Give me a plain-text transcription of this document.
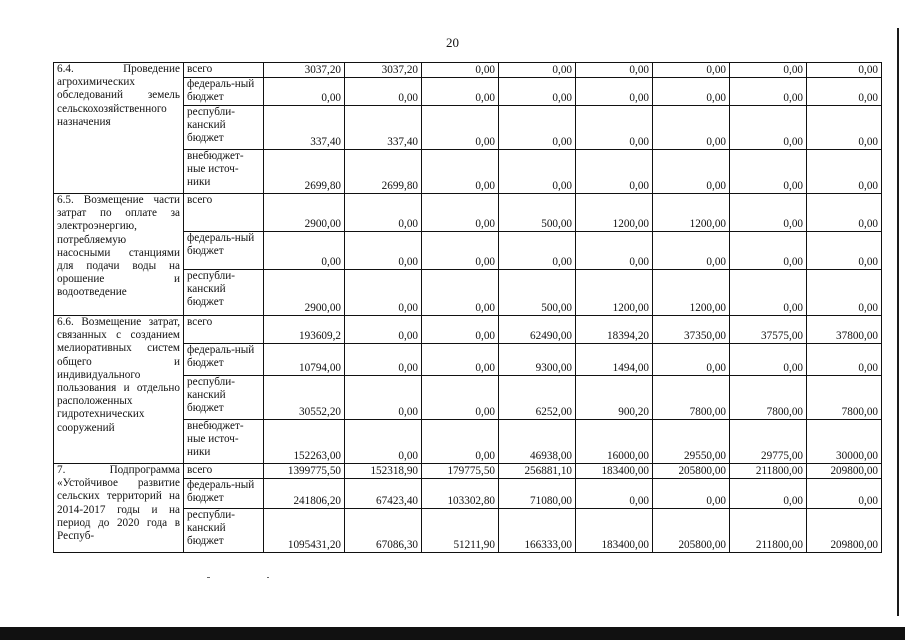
20
6.4. Проведение агрохимических обследований земель сельскохозяйственного назначения	всего	3037,20	3037,20	0,00	0,00	0,00	0,00	0,00	0,00
	федераль-ный бюджет	0,00	0,00	0,00	0,00	0,00	0,00	0,00	0,00
	республи-канский бюджет	337,40	337,40	0,00	0,00	0,00	0,00	0,00	0,00
	внебюджет-ные источ-ники	2699,80	2699,80	0,00	0,00	0,00	0,00	0,00	0,00
6.5. Возмещение части затрат по оплате за электроэнергию, потребляемую насосными станциями для подачи воды на орошение и водоотведение	всего	2900,00	0,00	0,00	500,00	1200,00	1200,00	0,00	0,00
	федераль-ный бюджет	0,00	0,00	0,00	0,00	0,00	0,00	0,00	0,00
	республи-канский бюджет	2900,00	0,00	0,00	500,00	1200,00	1200,00	0,00	0,00
6.6. Возмещение затрат, связанных с созданием мелиоративных систем общего и индивидуального пользования и отдельно расположенных гидротехнических сооружений	всего	193609,2	0,00	0,00	62490,00	18394,20	37350,00	37575,00	37800,00
	федераль-ный бюджет	10794,00	0,00	0,00	9300,00	1494,00	0,00	0,00	0,00
	республи-канский бюджет	30552,20	0,00	0,00	6252,00	900,20	7800,00	7800,00	7800,00
	внебюджет-ные источ-ники	152263,00	0,00	0,00	46938,00	16000,00	29550,00	29775,00	30000,00
7. Подпрограмма «Устойчивое развитие сельских территорий на 2014-2017 годы и на период до 2020 года в Респуб-	всего	1399775,50	152318,90	179775,50	256881,10	183400,00	205800,00	211800,00	209800,00
	федераль-ный бюджет	241806,20	67423,40	103302,80	71080,00	0,00	0,00	0,00	0,00
	республи-канский бюджет	1095431,20	67086,30	51211,90	166333,00	183400,00	205800,00	211800,00	209800,00
